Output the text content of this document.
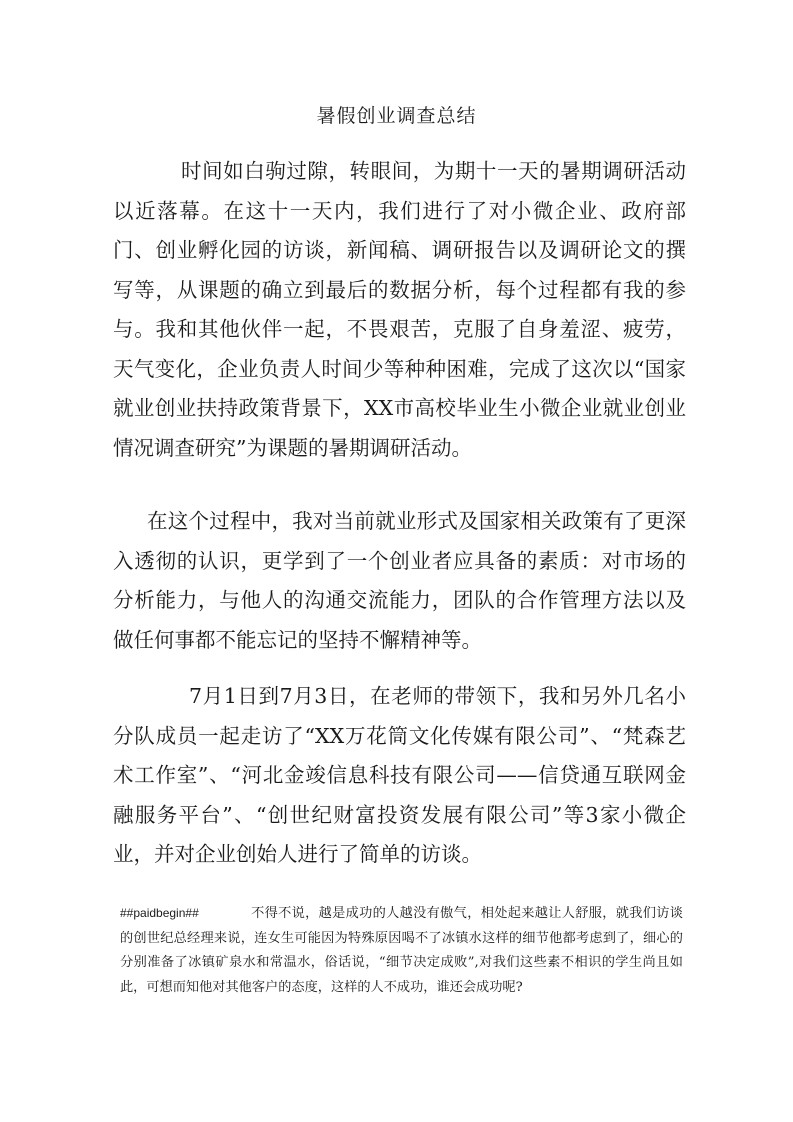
暑假创业调查总结
时间如白驹过隙，转眼间，为期十一天的暑期调研活动以近落幕。在这十一天内，我们进行了对小微企业、政府部门、创业孵化园的访谈，新闻稿、调研报告以及调研论文的撰写等，从课题的确立到最后的数据分析，每个过程都有我的参与。我和其他伙伴一起，不畏艰苦，克服了自身羞涩、疲劳，天气变化，企业负责人时间少等种种困难，完成了这次以“国家就业创业扶持政策背景下，XX市高校毕业生小微企业就业创业情况调查研究”为课题的暑期调研活动。
在这个过程中，我对当前就业形式及国家相关政策有了更深入透彻的认识，更学到了一个创业者应具备的素质：对市场的分析能力，与他人的沟通交流能力，团队的合作管理方法以及做任何事都不能忘记的坚持不懈精神等。
7月1日到7月3日，在老师的带领下，我和另外几名小分队成员一起走访了“XX万花筒文化传媒有限公司”、“梵森艺术工作室”、“河北金竣信息科技有限公司——信贷通互联网金融服务平台”、“创世纪财富投资发展有限公司”等3家小微企业，并对企业创始人进行了简单的访谈。
##paidbegin##	不得不说，越是成功的人越没有傲气，相处起来越让人舒服，就我们访谈的创世纪总经理来说，连女生可能因为特殊原因喝不了冰镇水这样的细节他都考虑到了，细心的分别准备了冰镇矿泉水和常温水，俗话说，“细节决定成败”,对我们这些素不相识的学生尚且如此，可想而知他对其他客户的态度，这样的人不成功，谁还会成功呢?
